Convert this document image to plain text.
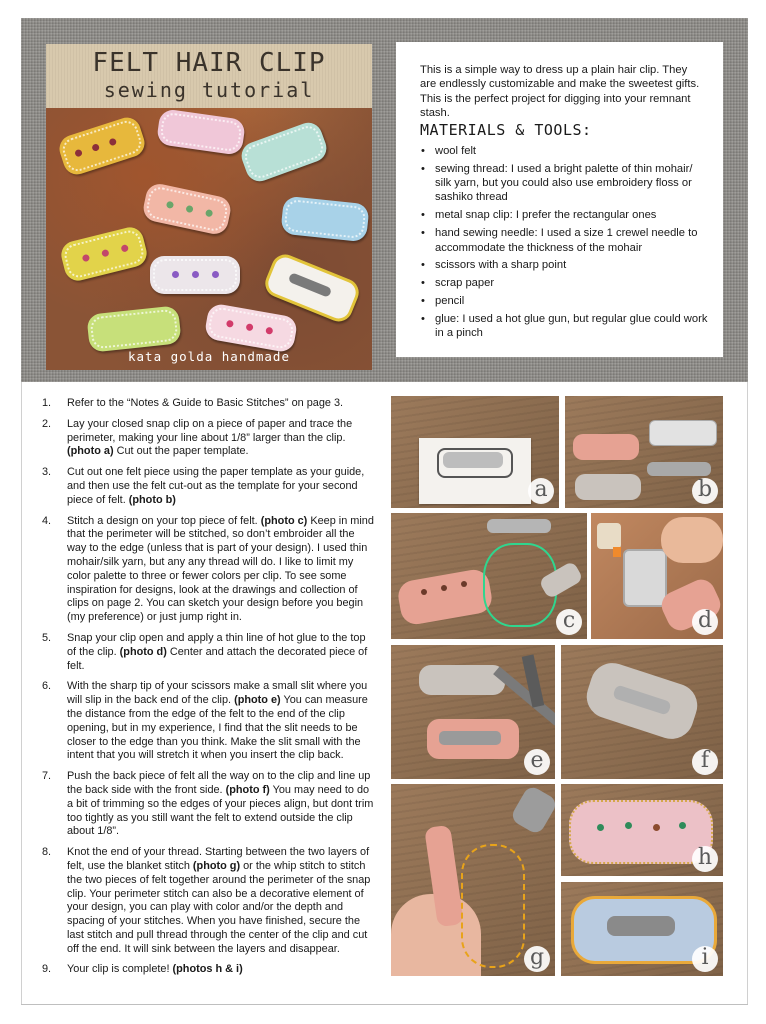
FELT HAIR CLIP
sewing tutorial
kata golda handmade

This is a simple way to dress up a plain hair clip. They are endlessly customizable and make the sweetest gifts. This is the perfect project for digging into your remnant stash.

MATERIALS & TOOLS:
• wool felt
• sewing thread: I used a bright palette of thin mohair/ silk yarn, but you could also use embroidery floss or sashiko thread
• metal snap clip: I prefer the rectangular ones
• hand sewing needle: I used a size 1 crewel needle to accommodate the thickness of the mohair
• scissors with a sharp point
• scrap paper
• pencil
• glue: I used a hot glue gun, but regular glue could work in a pinch
1. Refer to the “Notes & Guide to Basic Stitches” on page 3.
2. Lay your closed snap clip on a piece of paper and trace the perimeter, making your line about 1/8” larger than the clip. (photo a) Cut out the paper template.
3. Cut out one felt piece using the paper template as your guide, and then use the felt cut-out as the template for your second piece of felt. (photo b)
4. Stitch a design on your top piece of felt. (photo c) Keep in mind that the perimeter will be stitched, so don’t embroider all the way to the edge (unless that is part of your design). I used thin mohair/silk yarn, but any any thread will do. I like to limit my color palette to three or fewer colors per clip. To see some inspiration for designs, look at the drawings and collection of clips on page 2. You can sketch your design before you begin (my preference) or just jump right in.
5. Snap your clip open and apply a thin line of hot glue to the top of the clip. (photo d) Center and attach the decorated piece of felt.
6. With the sharp tip of your scissors make a small slit where you will slip in the back end of the clip. (photo e) You can measure the distance from the edge of the felt to the end of the clip opening, but in my experience, I find that the slit needs to be closer to the edge than you think. Make the slit small with the intent that you will stretch it when you insert the clip back.
7. Push the back piece of felt all the way on to the clip and line up the back side with the front side. (photo f) You may need to do a bit of trimming so the edges of your pieces align, but dont trim too tightly as you still want the felt to extend outside the clip about 1/8”.
8. Knot the end of your thread. Starting between the two layers of felt, use the blanket stitch (photo g) or the whip stitch to stitch the two pieces of felt together around the perimeter of the snap clip. Your perimeter stitch can also be a decorative element of your design, you can play with color and/or the depth and spacing of your stitches. When you have finished, secure the last stitch and pull thread through the center of the clip and cut off the end. It will sink between the layers and disappear.
9. Your clip is complete! (photos h & i)
a	b
c	d
e	f
g
h
i
